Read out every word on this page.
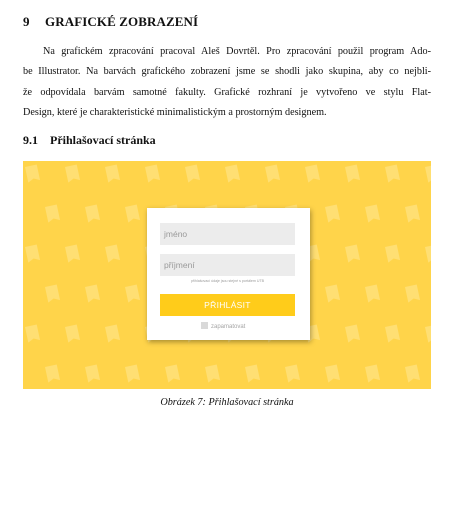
9 GRAFICKÉ ZOBRAZENÍ
Na grafickém zpracování pracoval Aleš Dovrtěl. Pro zpracování použil program Ado-
be Illustrator. Na barvách grafického zobrazení jsme se shodli jako skupina, aby co nejbli-
že odpovídala barvám samotné fakulty. Grafické rozhraní je vytvořeno ve stylu Flat-
Design, které je charakteristické minimalistickým a prostorným designem.
9.1 Přihlašovací stránka
jméno
příjmení
přihlašovací údaje jsou stejné s portálem UTB
PŘIHLÁSIT
zapamatovat
Obrázek 7: Přihlašovací stránka
